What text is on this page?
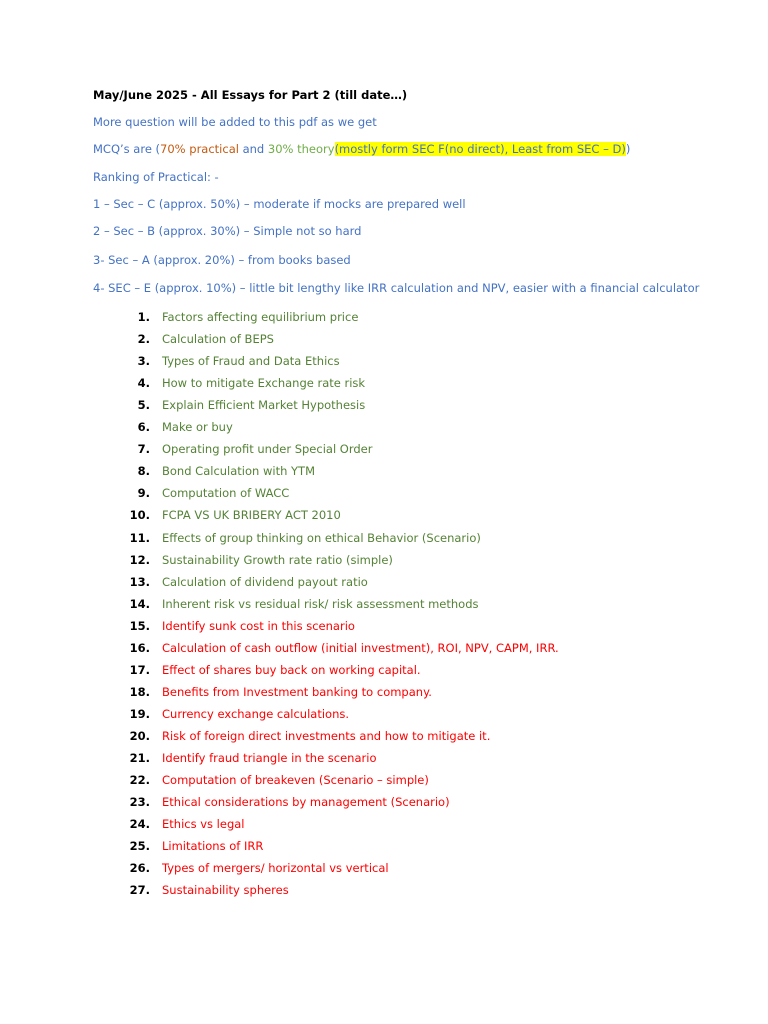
May/June 2025 - All Essays for Part 2 (till date…)
More question will be added to this pdf as we get
MCQ’s are (70% practical and 30% theory(mostly form SEC F(no direct), Least from SEC – D))
Ranking of Practical: -
1 – Sec – C (approx. 50%) – moderate if mocks are prepared well
2 – Sec – B (approx. 30%) – Simple not so hard
3- Sec – A (approx. 20%) – from books based
4- SEC – E (approx. 10%) – little bit lengthy like IRR calculation and NPV, easier with a financial calculator
1. Factors affecting equilibrium price
2. Calculation of BEPS
3. Types of Fraud and Data Ethics
4. How to mitigate Exchange rate risk
5. Explain Efficient Market Hypothesis
6. Make or buy
7. Operating profit under Special Order
8. Bond Calculation with YTM
9. Computation of WACC
10. FCPA VS UK BRIBERY ACT 2010
11. Effects of group thinking on ethical Behavior (Scenario)
12. Sustainability Growth rate ratio (simple)
13. Calculation of dividend payout ratio
14. Inherent risk vs residual risk/ risk assessment methods
15. Identify sunk cost in this scenario
16. Calculation of cash outflow (initial investment), ROI, NPV, CAPM, IRR.
17. Effect of shares buy back on working capital.
18. Benefits from Investment banking to company.
19. Currency exchange calculations.
20. Risk of foreign direct investments and how to mitigate it.
21. Identify fraud triangle in the scenario
22. Computation of breakeven (Scenario – simple)
23. Ethical considerations by management (Scenario)
24. Ethics vs legal
25. Limitations of IRR
26. Types of mergers/ horizontal vs vertical
27. Sustainability spheres
